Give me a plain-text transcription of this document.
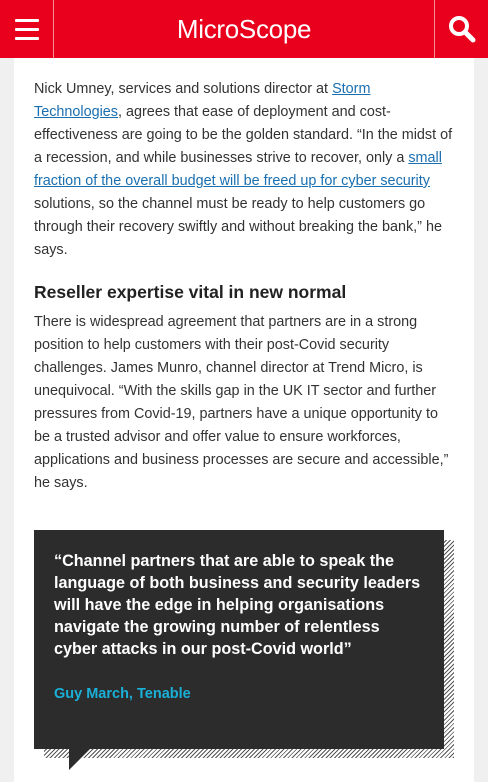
MicroScope

Nick Umney, services and solutions director at Storm Technologies, agrees that ease of deployment and cost-effectiveness are going to be the golden standard. “In the midst of a recession, and while businesses strive to recover, only a small fraction of the overall budget will be freed up for cyber security solutions, so the channel must be ready to help customers go through their recovery swiftly and without breaking the bank,” he says.

Reseller expertise vital in new normal

There is widespread agreement that partners are in a strong position to help customers with their post-Covid security challenges. James Munro, channel director at Trend Micro, is unequivocal. “With the skills gap in the UK IT sector and further pressures from Covid-19, partners have a unique opportunity to be a trusted advisor and offer value to ensure workforces, applications and business processes are secure and accessible,” he says.

“Channel partners that are able to speak the language of both business and security leaders will have the edge in helping organisations navigate the growing number of relentless cyber attacks in our post-Covid world”
Guy March, Tenable
